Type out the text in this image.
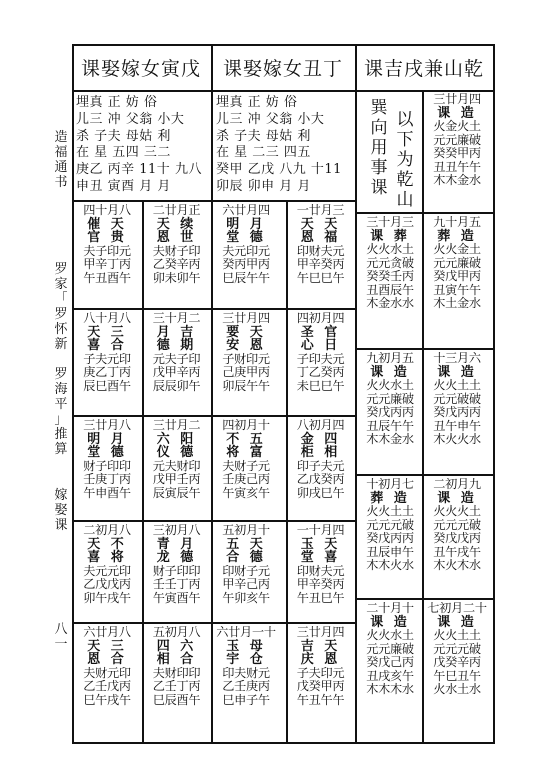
造
福
通
书
罗
家
「
罗
怀
新

罗
海
平
」
推
算
嫁
娶
课
八
一
课娶嫁女寅戊	课娶嫁女丑丁	课吉戌兼山乾
埋真 正 妨 俗
儿三 冲 父翁 小大
杀 子夫 母姑 利
在 星 五四 三二
庚乙 丙辛 11十 九八
申丑 寅酉 月 月
埋真 正 妨 俗
儿三 冲 父翁 小大
杀 子夫 母姑 利
在 星 二三 四五
癸甲 乙戊 八九 十11
卯辰 卯申 月 月
以
下
为
乾
山
巽
向
用
事
课
四十月八
催 天
官 贵
夫子印元
甲辛丁丙
午丑酉午
二廿月正
天 续
恩 世
夫财子印
乙癸辛丙
卯未卯午
六廿月四
明 月
堂 德
夫元印元
癸丙甲丙
巳辰午午
一廿月三
天 天
恩 福
印财夫元
甲辛癸丙
午巳巳午
八十月八
天 三
喜 合
子夫元印
庚乙丁丙
辰巳酉午
三十月二
月 吉
德 期
元夫子印
戊甲辛丙
辰辰卯午
三廿月四
要 天
安 恩
子财印元
己庚甲丙
卯辰午午
四初月四
圣 官
心 日
子印夫元
丁乙癸丙
未巳巳午
三廿月八
明 月
堂 德
财子印印
壬庚丁丙
午申酉午
三廿月二
六 阳
仪 德
元夫财印
戊甲壬丙
辰寅辰午
四初月十
不 五
将 富
夫财子元
壬庚己丙
午寅亥午
八初月四
金 四
柜 相
印子夫元
乙戊癸丙
卯戌巳午
二初月八
天 不
喜 将
夫元元印
乙戊戊丙
卯午戌午
三初月八
青 月
龙 德
财子印印
壬壬丁丙
午寅酉午
五初月十
五 天
合 德
印财子元
甲辛己丙
午卯亥午
一十月四
玉 天
堂 喜
印财夫元
甲辛癸丙
午丑巳午
六廿月八
天 三
恩 合
夫财元印
乙壬戊丙
巳午戌午
五初月八
四 六
相 合
夫财印印
乙壬丁丙
巳辰酉午
六廿月一十
玉 母
宇 仓
印夫财元
乙壬庚丙
巳申子午
三廿月四
吉 天
庆 恩
子夫印元
戊癸甲丙
午丑午午
三廿月四
课 造
火金火土
元元廉破
癸癸甲丙
丑丑午午
木木金水
三十月三
课 葬
火火水土
元元贪破
癸癸壬丙
丑酉辰午
木金水水
九十月五
葬 造
火火金土
元元廉破
癸戊甲丙
丑寅午午
木土金水
九初月五
课 造
火火水土
元元廉破
癸戊丙丙
丑辰午午
木木金水
十三月六
课 造
火火土土
元元破破
癸戊丙丙
丑午申午
木火火水
十初月七
葬 造
火火土土
元元元破
癸戊丙丙
丑辰申午
木木火水
二初月九
课 造
火火火土
元元元破
癸戊戊丙
丑午戌午
木火木水
二十月十
课 造
火火水土
元元廉破
癸戊己丙
丑戌亥午
木木木水
七初月二十
课 造
火火土土
元元元破
戊癸辛丙
午巳丑午
火水土水
